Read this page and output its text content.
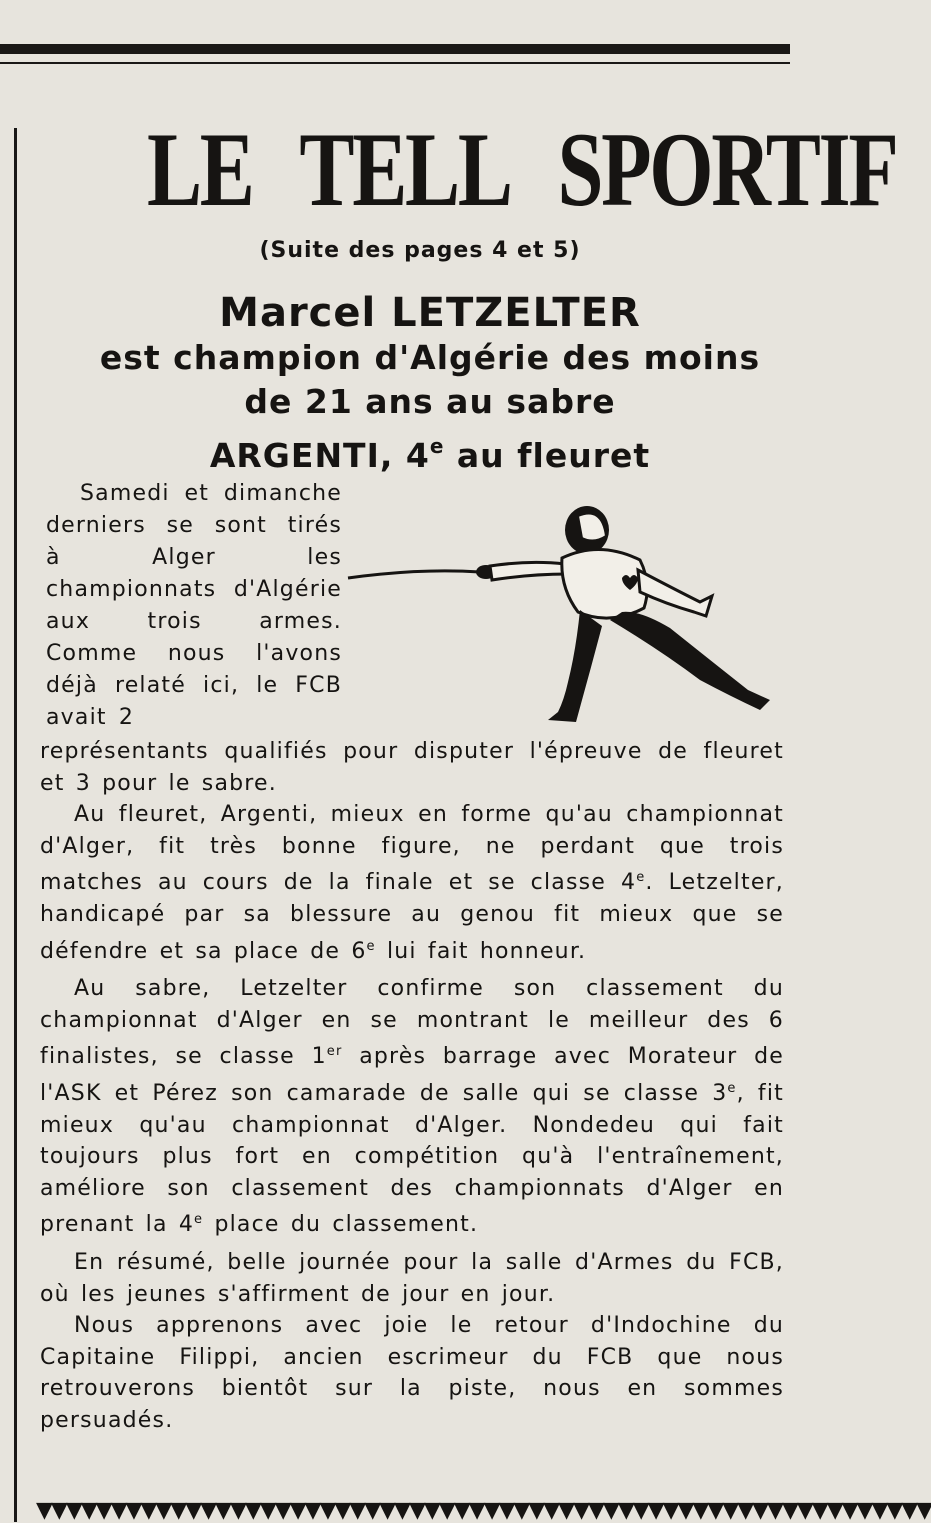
LE TELL SPORTIF
(Suite des pages 4 et 5)
Marcel LETZELTER
est champion d'Algérie des moins
de 21 ans au sabre
ARGENTI, 4e au fleuret

Samedi et dimanche derniers se sont tirés à Alger les championnats d'Algérie aux trois armes. Comme nous l'avons déjà relaté ici, le FCB avait 2

représentants qualifiés pour disputer l'épreuve de fleuret et 3 pour le sabre.

Au fleuret, Argenti, mieux en forme qu'au championnat d'Alger, fit très bonne figure, ne perdant que trois matches au cours de la finale et se classe 4e. Letzelter, handicapé par sa blessure au genou fit mieux que se défendre et sa place de 6e lui fait honneur.

Au sabre, Letzelter confirme son classement du championnat d'Alger en se montrant le meilleur des 6 finalistes, se classe 1er après barrage avec Morateur de l'ASK et Pérez son camarade de salle qui se classe 3e, fit mieux qu'au championnat d'Alger. Nondedeu qui fait toujours plus fort en compétition qu'à l'entraînement, améliore son classement des championnats d'Alger en prenant la 4e place du classement.

En résumé, belle journée pour la salle d'Armes du FCB, où les jeunes s'affirment de jour en jour.

Nous apprenons avec joie le retour d'Indochine du Capitaine Filippi, ancien escrimeur du FCB que nous retrouverons bientôt sur la piste, nous en sommes persuadés.

▼▼▼▼▼▼▼▼▼▼▼▼▼▼▼▼▼▼▼▼▼▼▼▼▼▼▼▼▼▼▼▼▼▼▼▼▼▼▼▼▼▼▼▼▼▼▼▼▼▼▼▼▼▼▼▼▼▼▼▼
